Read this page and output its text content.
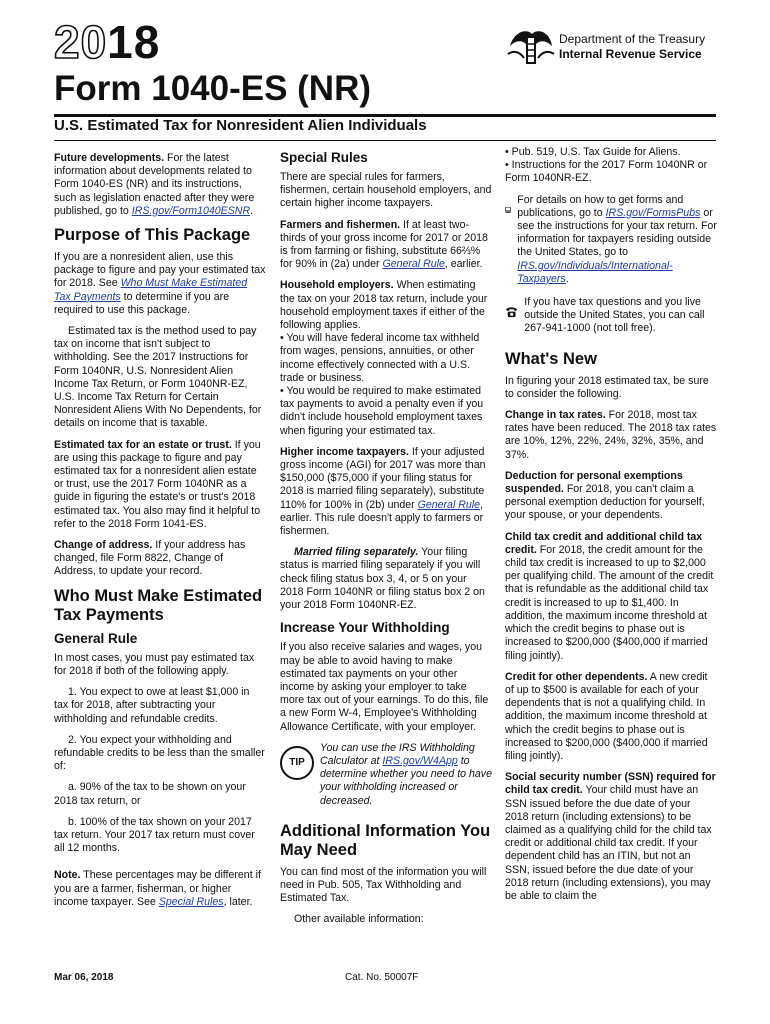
2018
Form 1040-ES (NR)
U.S. Estimated Tax for Nonresident Alien Individuals
Department of the Treasury
Internal Revenue Service

Future developments. For the latest information about developments related to Form 1040-ES (NR) and its instructions, such as legislation enacted after they were published, go to IRS.gov/Form1040ESNR.

Purpose of This Package

If you are a nonresident alien, use this package to figure and pay your estimated tax for 2018. See Who Must Make Estimated Tax Payments to determine if you are required to use this package.

Estimated tax is the method used to pay tax on income that isn't subject to withholding. See the 2017 Instructions for Form 1040NR, U.S. Nonresident Alien Income Tax Return, or Form 1040NR-EZ, U.S. Income Tax Return for Certain Nonresident Aliens With No Dependents, for details on income that is taxable.

Estimated tax for an estate or trust. If you are using this package to figure and pay estimated tax for a nonresident alien estate or trust, use the 2017 Form 1040NR as a guide in figuring the estate's or trust's 2018 estimated tax. You also may find it helpful to refer to the 2018 Form 1041-ES.

Change of address. If your address has changed, file Form 8822, Change of Address, to update your record.

Who Must Make Estimated Tax Payments
General Rule

In most cases, you must pay estimated tax for 2018 if both of the following apply.

1. You expect to owe at least $1,000 in tax for 2018, after subtracting your withholding and refundable credits.

2. You expect your withholding and refundable credits to be less than the smaller of:

a. 90% of the tax to be shown on your 2018 tax return, or

b. 100% of the tax shown on your 2017 tax return. Your 2017 tax return must cover all 12 months.

Note. These percentages may be different if you are a farmer, fisherman, or higher income taxpayer. See Special Rules, later.

Special Rules

There are special rules for farmers, fishermen, certain household employers, and certain higher income taxpayers.

Farmers and fishermen. If at least two-thirds of your gross income for 2017 or 2018 is from farming or fishing, substitute 66⅔% for 90% in (2a) under General Rule, earlier.

Household employers. When estimating the tax on your 2018 tax return, include your household employment taxes if either of the following applies.

• You will have federal income tax withheld from wages, pensions, annuities, or other income effectively connected with a U.S. trade or business.

• You would be required to make estimated tax payments to avoid a penalty even if you didn't include household employment taxes when figuring your estimated tax.

Higher income taxpayers. If your adjusted gross income (AGI) for 2017 was more than $150,000 ($75,000 if your filing status for 2018 is married filing separately), substitute 110% for 100% in (2b) under General Rule, earlier. This rule doesn't apply to farmers or fishermen.

Married filing separately. Your filing status is married filing separately if you will check filing status box 3, 4, or 5 on your 2018 Form 1040NR or filing status box 2 on your 2018 Form 1040NR-EZ.

Increase Your Withholding

If you also receive salaries and wages, you may be able to avoid having to make estimated tax payments on your other income by asking your employer to take more tax out of your earnings. To do this, file a new Form W-4, Employee's Withholding Allowance Certificate, with your employer.

TIP
You can use the IRS Withholding Calculator at IRS.gov/W4App to determine whether you need to have your withholding increased or decreased.
Additional Information You May Need

You can find most of the information you will need in Pub. 505, Tax Withholding and Estimated Tax.

Other available information:

• Pub. 519, U.S. Tax Guide for Aliens.

• Instructions for the 2017 Form 1040NR or Form 1040NR-EZ.

For details on how to get forms and publications, go to IRS.gov/FormsPubs or see the instructions for your tax return. For information for taxpayers residing outside the United States, go to IRS.gov/Individuals/International-Taxpayers.

If you have tax questions and you live outside the United States, you can call 267-941-1000 (not toll free).

What's New

In figuring your 2018 estimated tax, be sure to consider the following.

Change in tax rates. For 2018, most tax rates have been reduced. The 2018 tax rates are 10%, 12%, 22%, 24%, 32%, 35%, and 37%.

Deduction for personal exemptions suspended. For 2018, you can't claim a personal exemption deduction for yourself, your spouse, or your dependents.

Child tax credit and additional child tax credit. For 2018, the credit amount for the child tax credit is increased to up to $2,000 per qualifying child. The amount of the credit that is refundable as the additional child tax credit is increased to up to $1,400. In addition, the maximum income threshold at which the credit begins to phase out is increased to $200,000 ($400,000 if married filing jointly).

Credit for other dependents. A new credit of up to $500 is available for each of your dependents that is not a qualifying child. In addition, the maximum income threshold at which the credit begins to phase out is increased to $200,000 ($400,000 if married filing jointly).

Social security number (SSN) required for child tax credit. Your child must have an SSN issued before the due date of your 2018 return (including extensions) to be claimed as a qualifying child for the child tax credit or additional child tax credit. If your dependent child has an ITIN, but not an SSN, issued before the due date of your 2018 return (including extensions), you may be able to claim the

Mar 06, 2018	Cat. No. 50007F
